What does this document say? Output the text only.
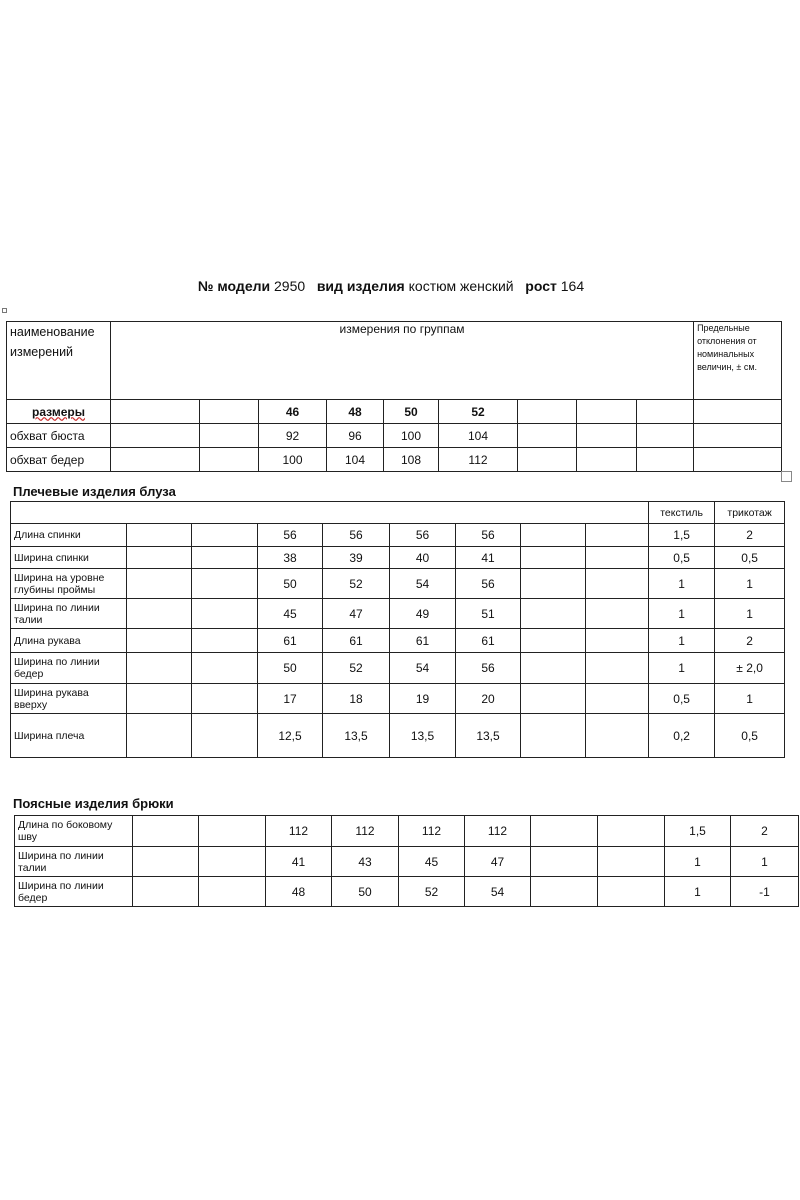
№ модели 2950 вид изделия костюм женский рост 164
наименование измерений	измерения по группам									Предельные отклонения от номинальных величин, ± см.
размеры			46	48	50	52				
обхват бюста			92	96	100	104				
обхват бедер			100	104	108	112				
Плечевые изделия блуза
									текстиль	трикотаж
Длина спинки			56	56	56	56			1,5	2
Ширина спинки			38	39	40	41			0,5	0,5
Ширина на уровне глубины проймы			50	52	54	56			1	1
Ширина по линии талии			45	47	49	51			1	1
Длина рукава			61	61	61	61			1	2
Ширина по линии бедер			50	52	54	56			1	± 2,0
Ширина рукава вверху			17	18	19	20			0,5	1
Ширина плеча			12,5	13,5	13,5	13,5			0,2	0,5
Поясные изделия брюки
Длина по боковому шву			112	112	112	112			1,5	2
Ширина по линии талии			41	43	45	47			1	1
Ширина по линии бедер			48	50	52	54			1	-1
